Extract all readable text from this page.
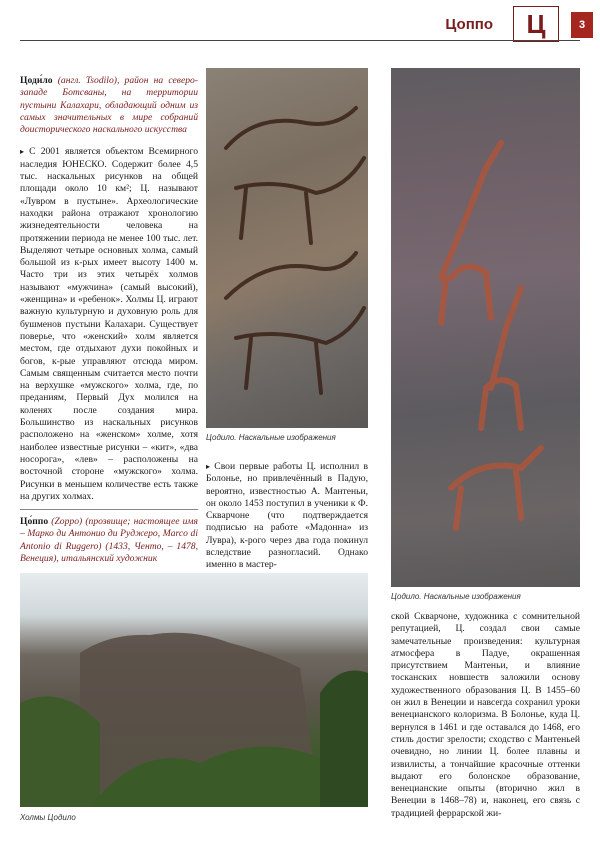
Цоппо	Ц	3

Цоди́ло (англ. Tsodilo), район на северо-западе Ботсваны, на территории пустыни Калахари, обладающий одним из самых значительных в мире собраний доисторического наскального искусства

▸ С 2001 является объектом Всемирного наследия ЮНЕСКО. Содержит более 4,5 тыс. наскальных рисунков на общей площади около 10 км²; Ц. называют «Лувром в пустыне». Археологические находки района отражают хронологию жизнедеятельности человека на протяжении периода не менее 100 тыс. лет. Выделяют четыре основных холма, самый большой из к-рых имеет высоту 1400 м. Часто три из этих четырёх холмов называют «мужчина» (самый высокий), «женщина» и «ребенок». Холмы Ц. играют важную культурную и духовную роль для бушменов пустыни Калахари. Существует поверье, что «женский» холм является местом, где отдыхают духи покойных и богов, к-рые управляют отсюда миром. Самым священным считается место почти на верхушке «мужского» холма, где, по преданиям, Первый Дух молился на коленях после создания мира. Большинство из наскальных рисунков расположено на «женском» холме, хотя наиболее известные рисунки – «кит», «два носорога», «лев» – расположены на восточной стороне «мужского» холма. Рисунки в меньшем количестве есть также на других холмах.

Цо́ппо (Zoppo) (прозвище; настоящее имя – Марко ди Антонио ди Руджеро, Marco di Antonio di Ruggero) (1433, Ченто, – 1478, Венеция), итальянский художник

Цодило. Наскальные изображения
Цодило. Наскальные изображения

▸ Свои первые работы Ц. исполнил в Болонье, но привлечённый в Падую, вероятно, известностью А. Мантеньи, он около 1453 поступил в ученики к Ф. Скварчоне (что подтверждается подписью на работе «Мадонна» из Лувра), к-рого через два года покинул вследствие разногласий. Однако именно в мастер-

Холмы Цодило

ской Скварчоне, художника с сомнительной репутацией, Ц. создал свои самые замечательные произведения: культурная атмосфера в Падуе, окрашенная присутствием Мантеньи, и влияние тосканских новшеств заложили основу художественного образования Ц. В 1455–60 он жил в Венеции и навсегда сохранил уроки венецианского колоризма. В Болонье, куда Ц. вернулся в 1461 и где оставался до 1468, его стиль достиг зрелости; сходство с Мантеньей очевидно, но линии Ц. более плавны и извилисты, а тончайшие красочные оттенки выдают его болонское образование, венецианские опыты (вторично жил в Венеции в 1468–78) и, наконец, его связь с традицией феррарской жи-
